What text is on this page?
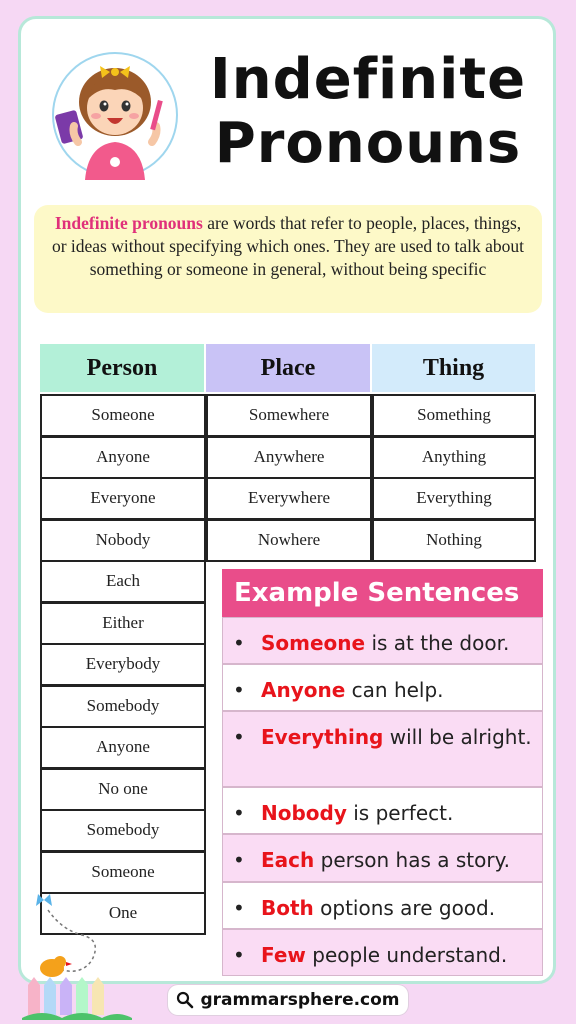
Indefinite
Pronouns
Indefinite pronouns are words that refer to people, places, things, or ideas without specifying which ones. They are used to talk about something or someone in general, without being specific
Person	Place	Thing
Someone	Somewhere	Something
Anyone	Anywhere	Anything
Everyone	Everywhere	Everything
Nobody	Nowhere	Nothing
Each
Either
Everybody
Somebody
Anyone
No one
Somebody
Someone
One
Example Sentences
• Someone is at the door.
• Anyone can help.
• Everything will be alright.
• Nobody is perfect.
• Each person has a story.
• Both options are good.
• Few people understand.
grammarsphere.com
